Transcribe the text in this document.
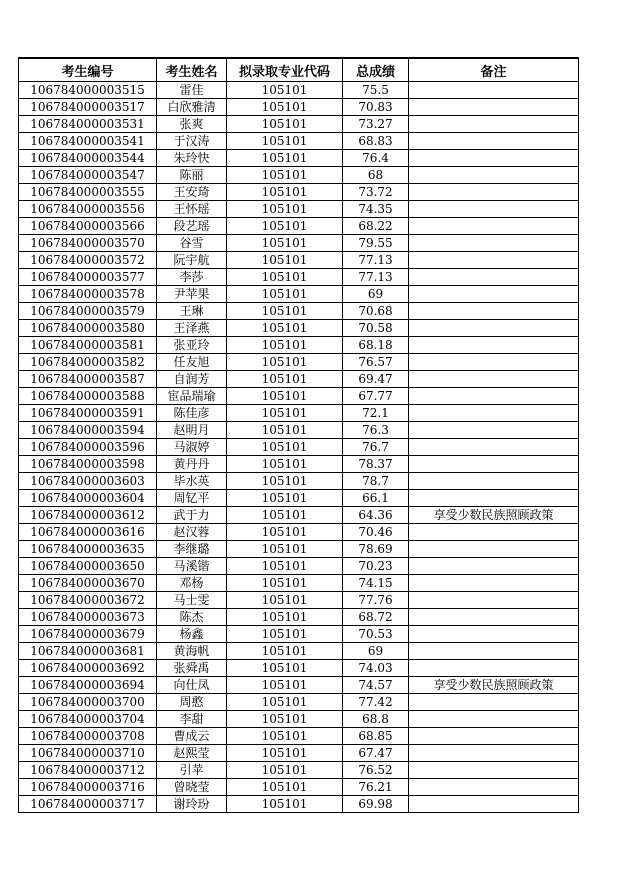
考生编号	考生姓名	拟录取专业代码	总成绩	备注
106784000003515	雷佳	105101	75.5	
106784000003517	白欣雅清	105101	70.83	
106784000003531	张爽	105101	73.27	
106784000003541	于汉涛	105101	68.83	
106784000003544	朱玲快	105101	76.4	
106784000003547	陈丽	105101	68	
106784000003555	王安琦	105101	73.72	
106784000003556	王怀瑶	105101	74.35	
106784000003566	段艺瑶	105101	68.22	
106784000003570	谷雪	105101	79.55	
106784000003572	阮宇航	105101	77.13	
106784000003577	李莎	105101	77.13	
106784000003578	尹苹果	105101	69	
106784000003579	王琳	105101	70.68	
106784000003580	王泽燕	105101	70.58	
106784000003581	张亚玲	105101	68.18	
106784000003582	任友旭	105101	76.57	
106784000003587	自润芳	105101	69.47	
106784000003588	宦品瑞瑜	105101	67.77	
106784000003591	陈佳彦	105101	72.1	
106784000003594	赵明月	105101	76.3	
106784000003596	马淑婷	105101	76.7	
106784000003598	黄丹丹	105101	78.37	
106784000003603	毕水英	105101	78.7	
106784000003604	周钇平	105101	66.1	
106784000003612	武于力	105101	64.36	享受少数民族照顾政策
106784000003616	赵汉蓉	105101	70.46	
106784000003635	李继璐	105101	78.69	
106784000003650	马溪锴	105101	70.23	
106784000003670	邓杨	105101	74.15	
106784000003672	马士雯	105101	77.76	
106784000003673	陈杰	105101	68.72	
106784000003679	杨鑫	105101	70.53	
106784000003681	黄海帆	105101	69	
106784000003692	张舜禹	105101	74.03	
106784000003694	向仕凤	105101	74.57	享受少数民族照顾政策
106784000003700	周憨	105101	77.42	
106784000003704	李甜	105101	68.8	
106784000003708	曹成云	105101	68.85	
106784000003710	赵熙莹	105101	67.47	
106784000003712	引苹	105101	76.52	
106784000003716	曾晓莹	105101	76.21	
106784000003717	谢玲玢	105101	69.98	
